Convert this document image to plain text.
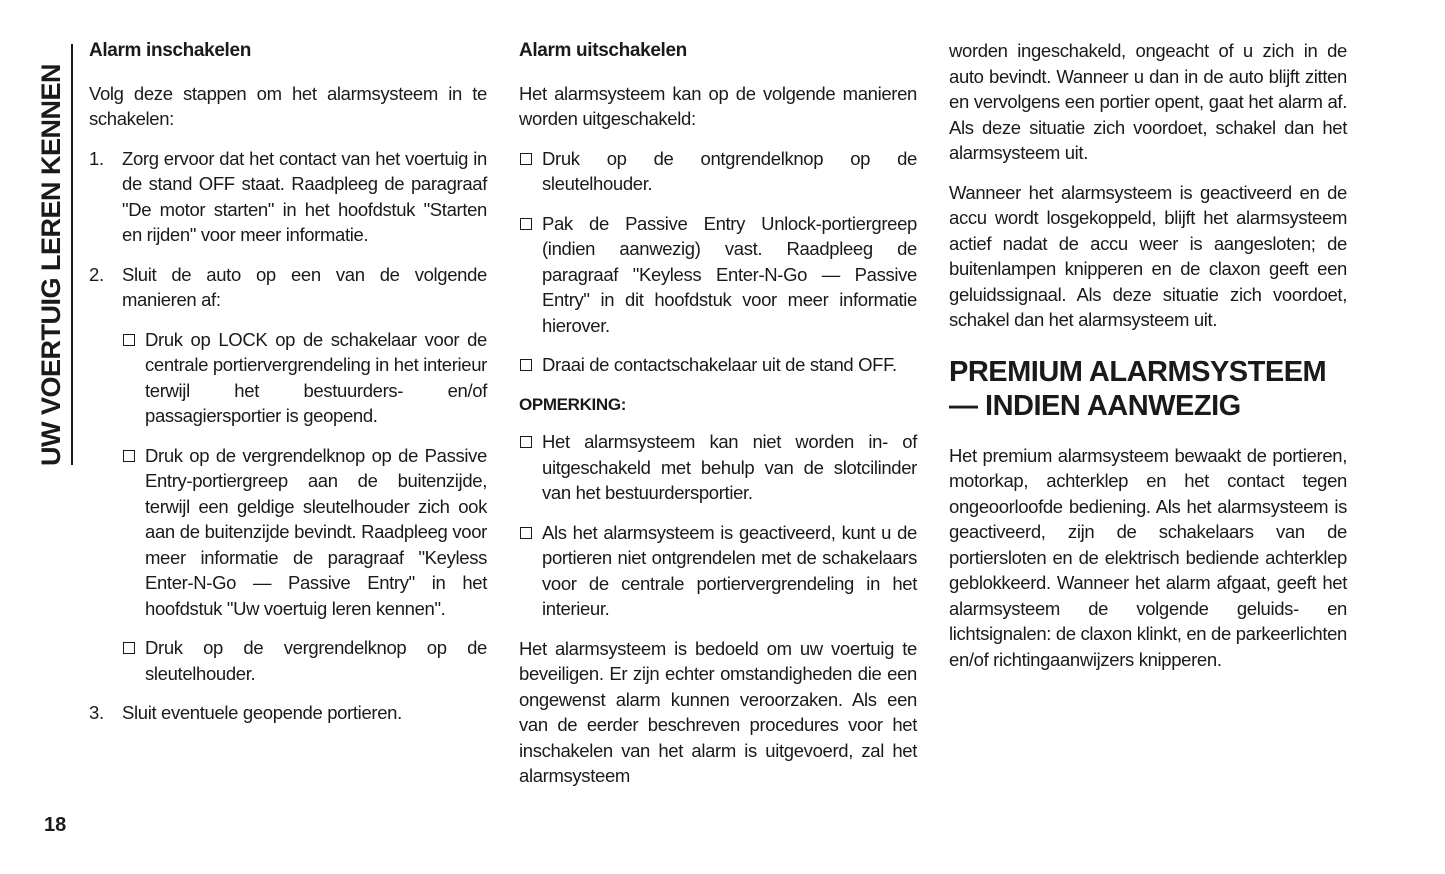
UW VOERTUIG LEREN KENNEN
18
Alarm inschakelen

Volg deze stappen om het alarmsysteem in te schakelen:

1. Zorg ervoor dat het contact van het voertuig in de stand OFF staat. Raadpleeg de paragraaf "De motor starten" in het hoofdstuk "Starten en rijden" voor meer informatie.
2. Sluit de auto op een van de volgende manieren af:
Druk op LOCK op de schakelaar voor de centrale portiervergrendeling in het interieur terwijl het bestuurders- en/of passagiersportier is geopend.
Druk op de vergrendelknop op de Passive Entry-portiergreep aan de buitenzijde, terwijl een geldige sleutelhouder zich ook aan de buitenzijde bevindt. Raadpleeg voor meer informatie de paragraaf "Keyless Enter-N-Go — Passive Entry" in het hoofdstuk "Uw voertuig leren kennen".
Druk op de vergrendelknop op de sleutelhouder.
3. Sluit eventuele geopende portieren.
Alarm uitschakelen

Het alarmsysteem kan op de volgende manieren worden uitgeschakeld:

Druk op de ontgrendelknop op de sleutelhouder.
Pak de Passive Entry Unlock-portiergreep (indien aanwezig) vast. Raadpleeg de paragraaf "Keyless Enter-N-Go — Passive Entry" in dit hoofdstuk voor meer informatie hierover.
Draai de contactschakelaar uit de stand OFF.
OPMERKING:
Het alarmsysteem kan niet worden in- of uitgeschakeld met behulp van de slotcilinder van het bestuurdersportier.
Als het alarmsysteem is geactiveerd, kunt u de portieren niet ontgrendelen met de schakelaars voor de centrale portiervergrendeling in het interieur.

Het alarmsysteem is bedoeld om uw voertuig te beveiligen. Er zijn echter omstandigheden die een ongewenst alarm kunnen veroorzaken. Als een van de eerder beschreven procedures voor het inschakelen van het alarm is uitgevoerd, zal het alarmsysteem

worden ingeschakeld, ongeacht of u zich in de auto bevindt. Wanneer u dan in de auto blijft zitten en vervolgens een portier opent, gaat het alarm af. Als deze situatie zich voordoet, schakel dan het alarmsysteem uit.

Wanneer het alarmsysteem is geactiveerd en de accu wordt losgekoppeld, blijft het alarmsysteem actief nadat de accu weer is aangesloten; de buitenlampen knipperen en de claxon geeft een geluidssignaal. Als deze situatie zich voordoet, schakel dan het alarmsysteem uit.

PREMIUM ALARMSYSTEEM
— INDIEN AANWEZIG

Het premium alarmsysteem bewaakt de portieren, motorkap, achterklep en het contact tegen ongeoorloofde bediening. Als het alarmsysteem is geactiveerd, zijn de schakelaars van de portiersloten en de elektrisch bediende achterklep geblokkeerd. Wanneer het alarm afgaat, geeft het alarmsysteem de volgende geluids- en lichtsignalen: de claxon klinkt, en de parkeerlichten en/of richtingaanwijzers knipperen.
